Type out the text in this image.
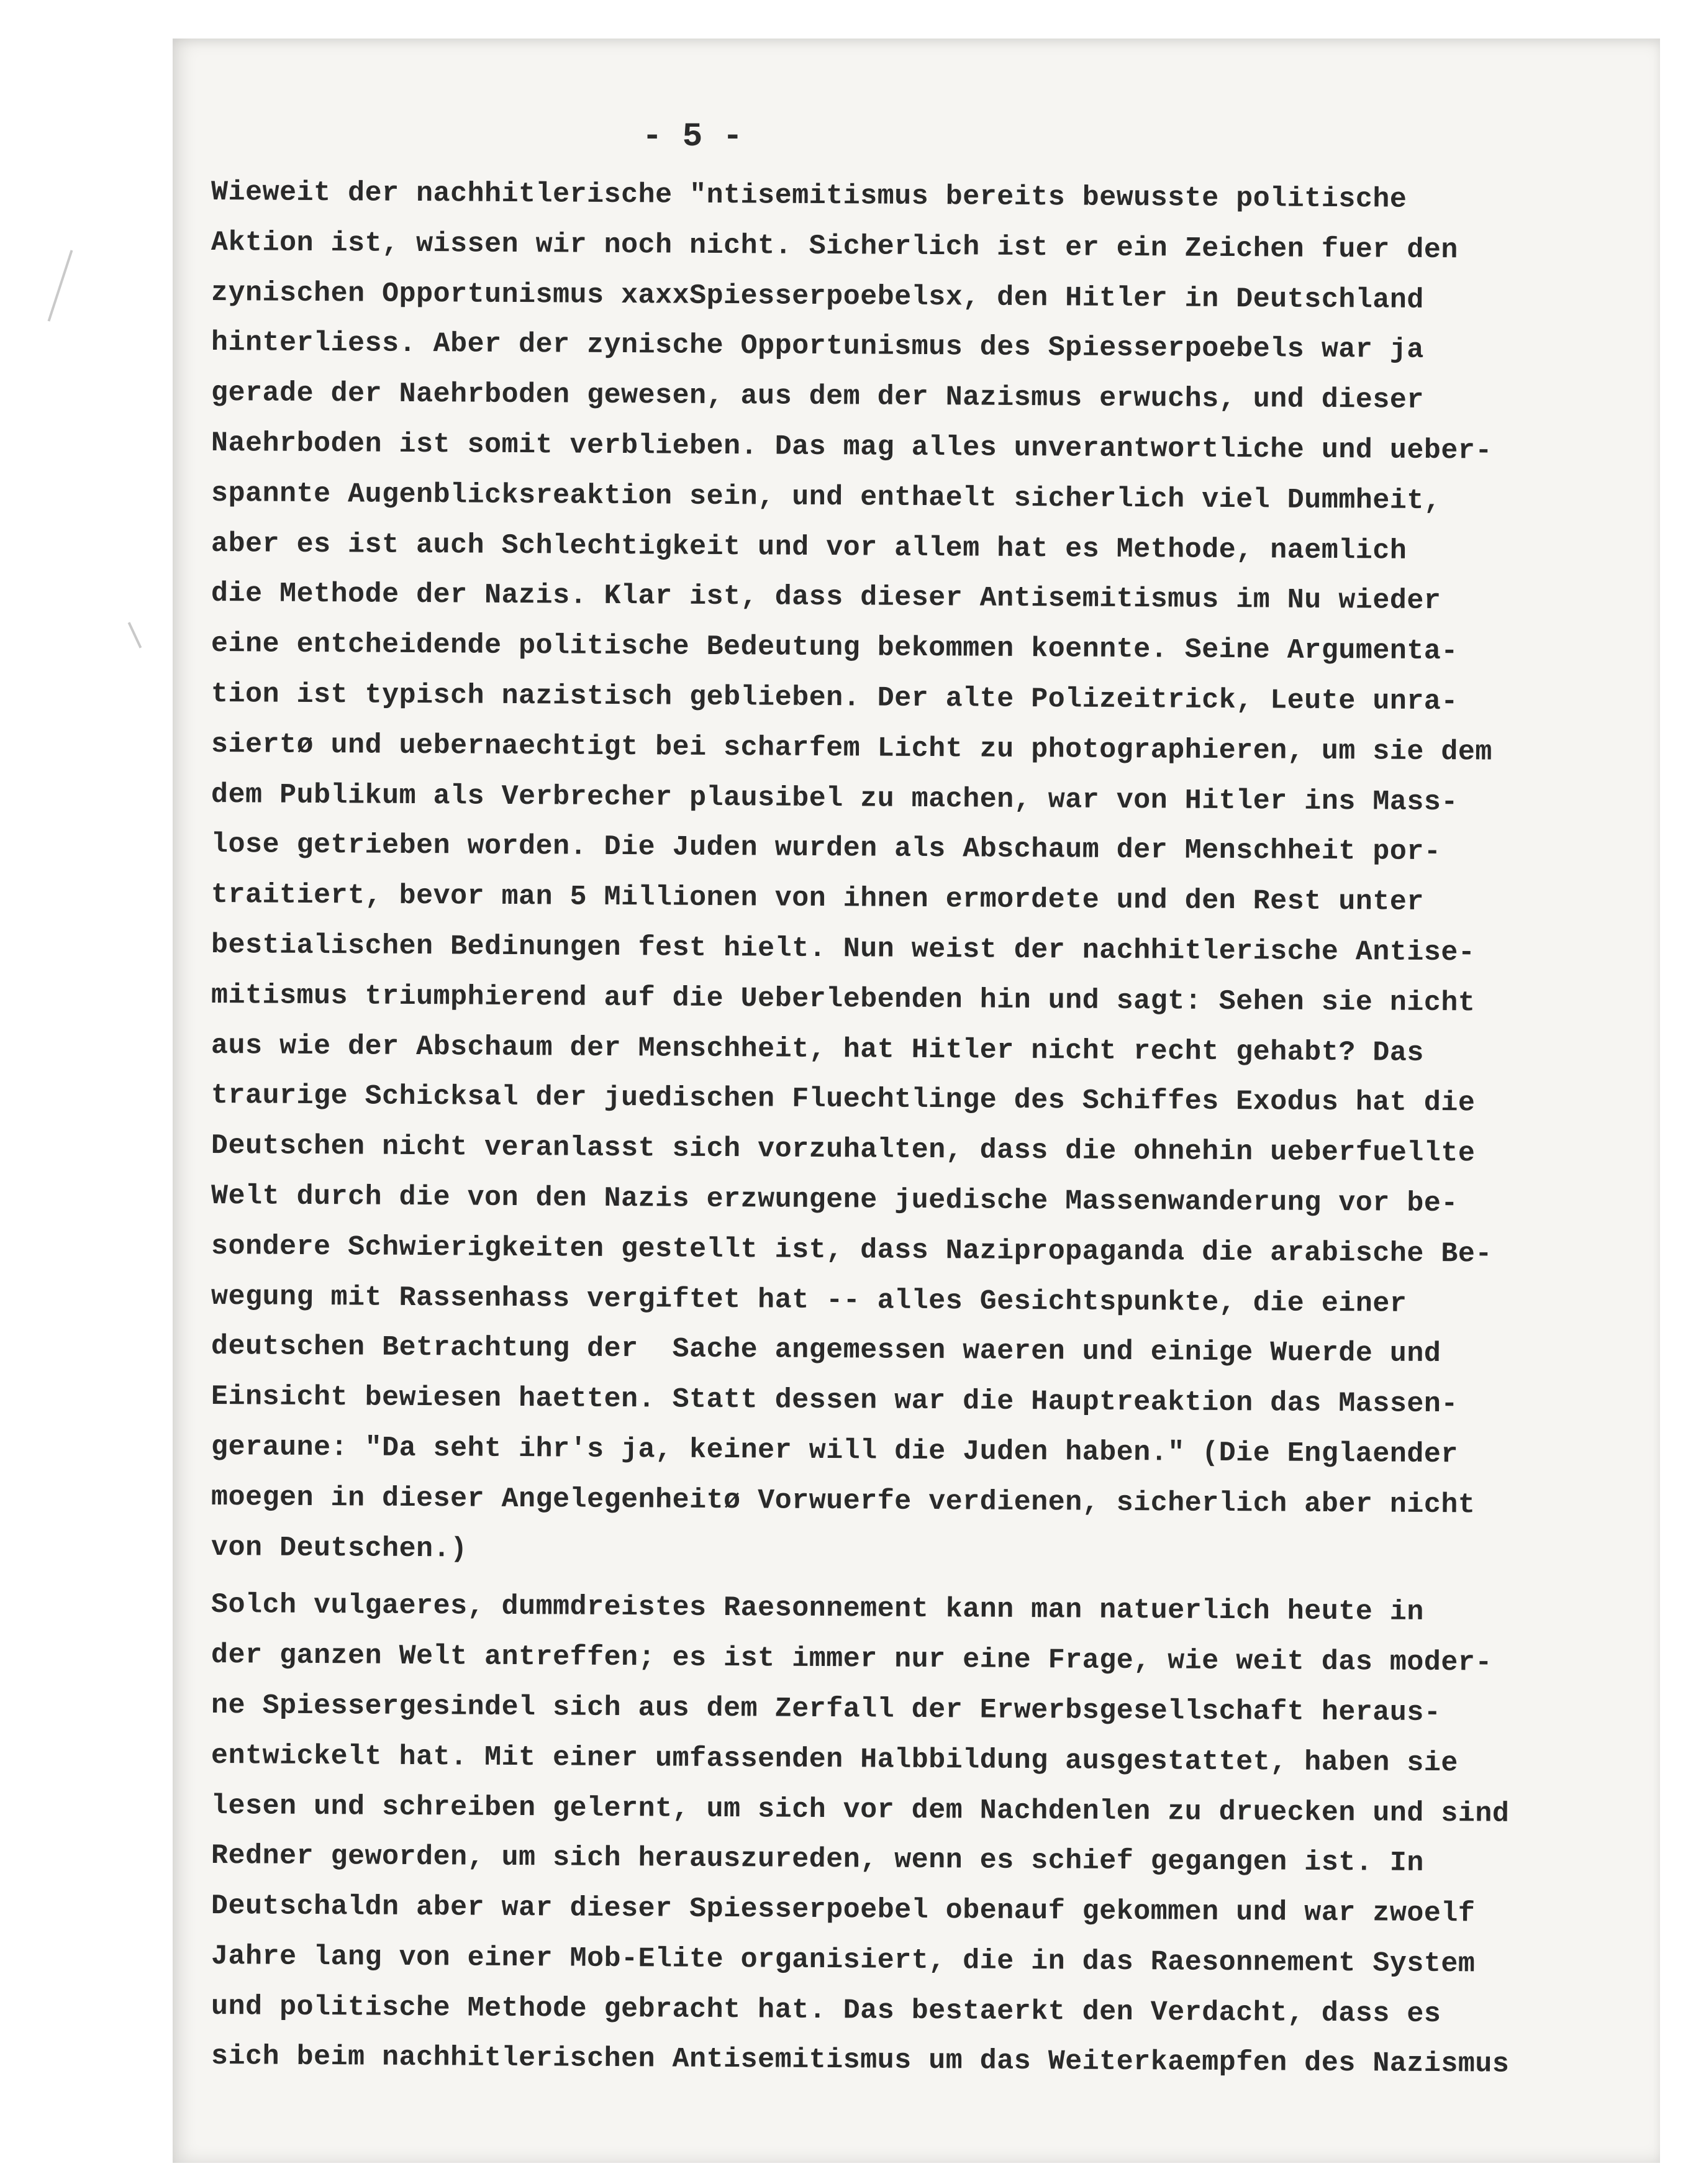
- 5 -
Wieweit der nachhitlerische "ntisemitismus bereits bewusste politische
Aktion ist, wissen wir noch nicht. Sicherlich ist er ein Zeichen fuer den
zynischen Opportunismus xaxxSpiesserpoebelsx, den Hitler in Deutschland
hinterliess. Aber der zynische Opportunismus des Spiesserpoebels war ja
gerade der Naehrboden gewesen, aus dem der Nazismus erwuchs, und dieser
Naehrboden ist somit verblieben. Das mag alles unverantwortliche und ueber-
spannte Augenblicksreaktion sein, und enthaelt sicherlich viel Dummheit,
aber es ist auch Schlechtigkeit und vor allem hat es Methode, naemlich
die Methode der Nazis. Klar ist, dass dieser Antisemitismus im Nu wieder
eine entcheidende politische Bedeutung bekommen koennte. Seine Argumenta-
tion ist typisch nazistisch geblieben. Der alte Polizeitrick, Leute unra-
siertø und uebernaechtigt bei scharfem Licht zu photographieren, um sie dem
dem Publikum als Verbrecher plausibel zu machen, war von Hitler ins Mass-
lose getrieben worden. Die Juden wurden als Abschaum der Menschheit por-
traitiert, bevor man 5 Millionen von ihnen ermordete und den Rest unter
bestialischen Bedinungen fest hielt. Nun weist der nachhitlerische Antise-
mitismus triumphierend auf die Ueberlebenden hin und sagt: Sehen sie nicht
aus wie der Abschaum der Menschheit, hat Hitler nicht recht gehabt? Das
traurige Schicksal der juedischen Fluechtlinge des Schiffes Exodus hat die
Deutschen nicht veranlasst sich vorzuhalten, dass die ohnehin ueberfuellte
Welt durch die von den Nazis erzwungene juedische Massenwanderung vor be-
sondere Schwierigkeiten gestellt ist, dass Nazipropaganda die arabische Be-
wegung mit Rassenhass vergiftet hat -- alles Gesichtspunkte, die einer
deutschen Betrachtung der  Sache angemessen waeren und einige Wuerde und
Einsicht bewiesen haetten. Statt dessen war die Hauptreaktion das Massen-
geraune: "Da seht ihr's ja, keiner will die Juden haben." (Die Englaender
moegen in dieser Angelegenheitø Vorwuerfe verdienen, sicherlich aber nicht
von Deutschen.)
Solch vulgaeres, dummdreistes Raesonnement kann man natuerlich heute in
der ganzen Welt antreffen; es ist immer nur eine Frage, wie weit das moder-
ne Spiessergesindel sich aus dem Zerfall der Erwerbsgesellschaft heraus-
entwickelt hat. Mit einer umfassenden Halbbildung ausgestattet, haben sie
lesen und schreiben gelernt, um sich vor dem Nachdenlen zu druecken und sind
Redner geworden, um sich herauszureden, wenn es schief gegangen ist. In
Deutschaldn aber war dieser Spiesserpoebel obenauf gekommen und war zwoelf
Jahre lang von einer Mob-Elite organisiert, die in das Raesonnement System
und politische Methode gebracht hat. Das bestaerkt den Verdacht, dass es
sich beim nachhitlerischen Antisemitismus um das Weiterkaempfen des Nazismus
